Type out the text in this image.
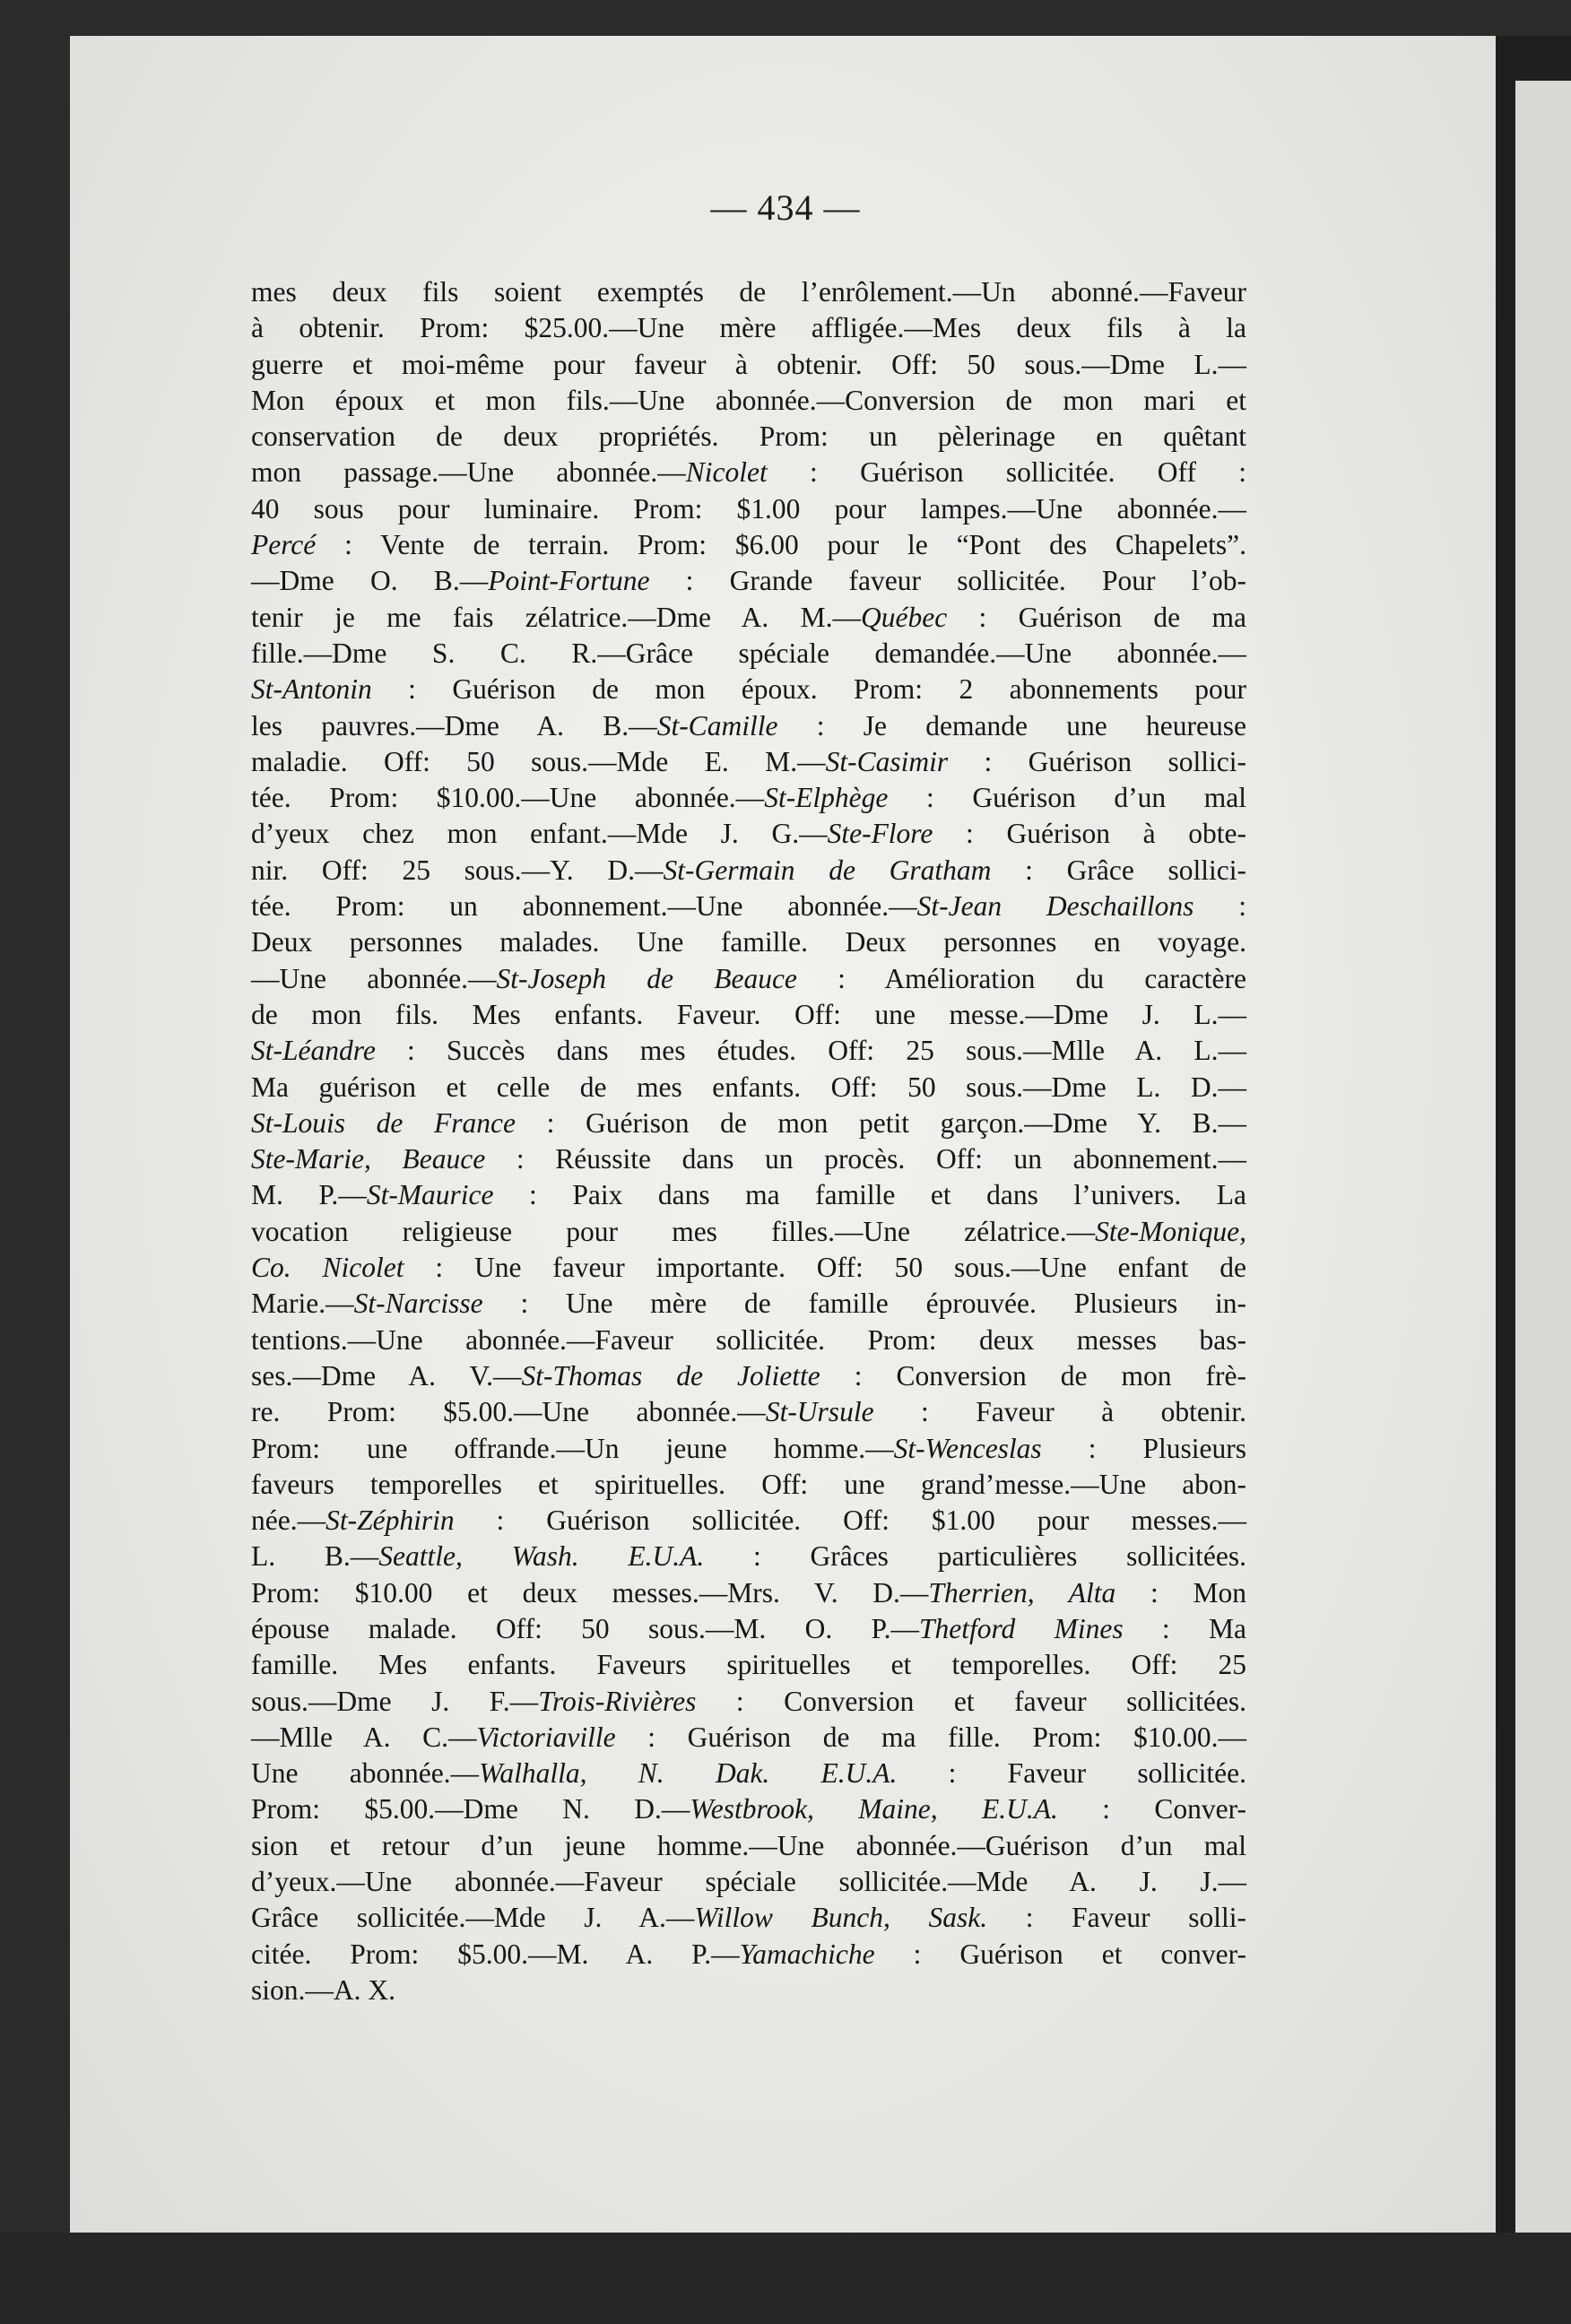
— 434 —
mes deux fils soient exemptés de l’enrôlement.—Un abonné.—Faveur
à obtenir. Prom: $25.00.—Une mère affligée.—Mes deux fils à la
guerre et moi-même pour faveur à obtenir. Off: 50 sous.—Dme L.—
Mon époux et mon fils.—Une abonnée.—Conversion de mon mari et
conservation de deux propriétés. Prom: un pèlerinage en quêtant
mon passage.—Une abonnée.—Nicolet : Guérison sollicitée. Off :
40 sous pour luminaire. Prom: $1.00 pour lampes.—Une abonnée.—
Percé : Vente de terrain. Prom: $6.00 pour le “Pont des Chapelets”.
—Dme O. B.—Point-Fortune : Grande faveur sollicitée. Pour l’ob-
tenir je me fais zélatrice.—Dme A. M.—Québec : Guérison de ma
fille.—Dme S. C. R.—Grâce spéciale demandée.—Une abonnée.—
St-Antonin : Guérison de mon époux. Prom: 2 abonnements pour
les pauvres.—Dme A. B.—St-Camille : Je demande une heureuse
maladie. Off: 50 sous.—Mde E. M.—St-Casimir : Guérison sollici-
tée. Prom: $10.00.—Une abonnée.—St-Elphège : Guérison d’un mal
d’yeux chez mon enfant.—Mde J. G.—Ste-Flore : Guérison à obte-
nir. Off: 25 sous.—Y. D.—St-Germain de Gratham : Grâce sollici-
tée. Prom: un abonnement.—Une abonnée.—St-Jean Deschaillons :
Deux personnes malades. Une famille. Deux personnes en voyage.
—Une abonnée.—St-Joseph de Beauce : Amélioration du caractère
de mon fils. Mes enfants. Faveur. Off: une messe.—Dme J. L.—
St-Léandre : Succès dans mes études. Off: 25 sous.—Mlle A. L.—
Ma guérison et celle de mes enfants. Off: 50 sous.—Dme L. D.—
St-Louis de France : Guérison de mon petit garçon.—Dme Y. B.—
Ste-Marie, Beauce : Réussite dans un procès. Off: un abonnement.—
M. P.—St-Maurice : Paix dans ma famille et dans l’univers. La
vocation religieuse pour mes filles.—Une zélatrice.—Ste-Monique,
Co. Nicolet : Une faveur importante. Off: 50 sous.—Une enfant de
Marie.—St-Narcisse : Une mère de famille éprouvée. Plusieurs in-
tentions.—Une abonnée.—Faveur sollicitée. Prom: deux messes bas-
ses.—Dme A. V.—St-Thomas de Joliette : Conversion de mon frè-
re. Prom: $5.00.—Une abonnée.—St-Ursule : Faveur à obtenir.
Prom: une offrande.—Un jeune homme.—St-Wenceslas : Plusieurs
faveurs temporelles et spirituelles. Off: une grand’messe.—Une abon-
née.—St-Zéphirin : Guérison sollicitée. Off: $1.00 pour messes.—
L. B.—Seattle, Wash. E.U.A. : Grâces particulières sollicitées.
Prom: $10.00 et deux messes.—Mrs. V. D.—Therrien, Alta : Mon
épouse malade. Off: 50 sous.—M. O. P.—Thetford Mines : Ma
famille. Mes enfants. Faveurs spirituelles et temporelles. Off: 25
sous.—Dme J. F.—Trois-Rivières : Conversion et faveur sollicitées.
—Mlle A. C.—Victoriaville : Guérison de ma fille. Prom: $10.00.—
Une abonnée.—Walhalla, N. Dak. E.U.A. : Faveur sollicitée.
Prom: $5.00.—Dme N. D.—Westbrook, Maine, E.U.A. : Conver-
sion et retour d’un jeune homme.—Une abonnée.—Guérison d’un mal
d’yeux.—Une abonnée.—Faveur spéciale sollicitée.—Mde A. J. J.—
Grâce sollicitée.—Mde J. A.—Willow Bunch, Sask. : Faveur solli-
citée. Prom: $5.00.—M. A. P.—Yamachiche : Guérison et conver-
sion.—A. X.
